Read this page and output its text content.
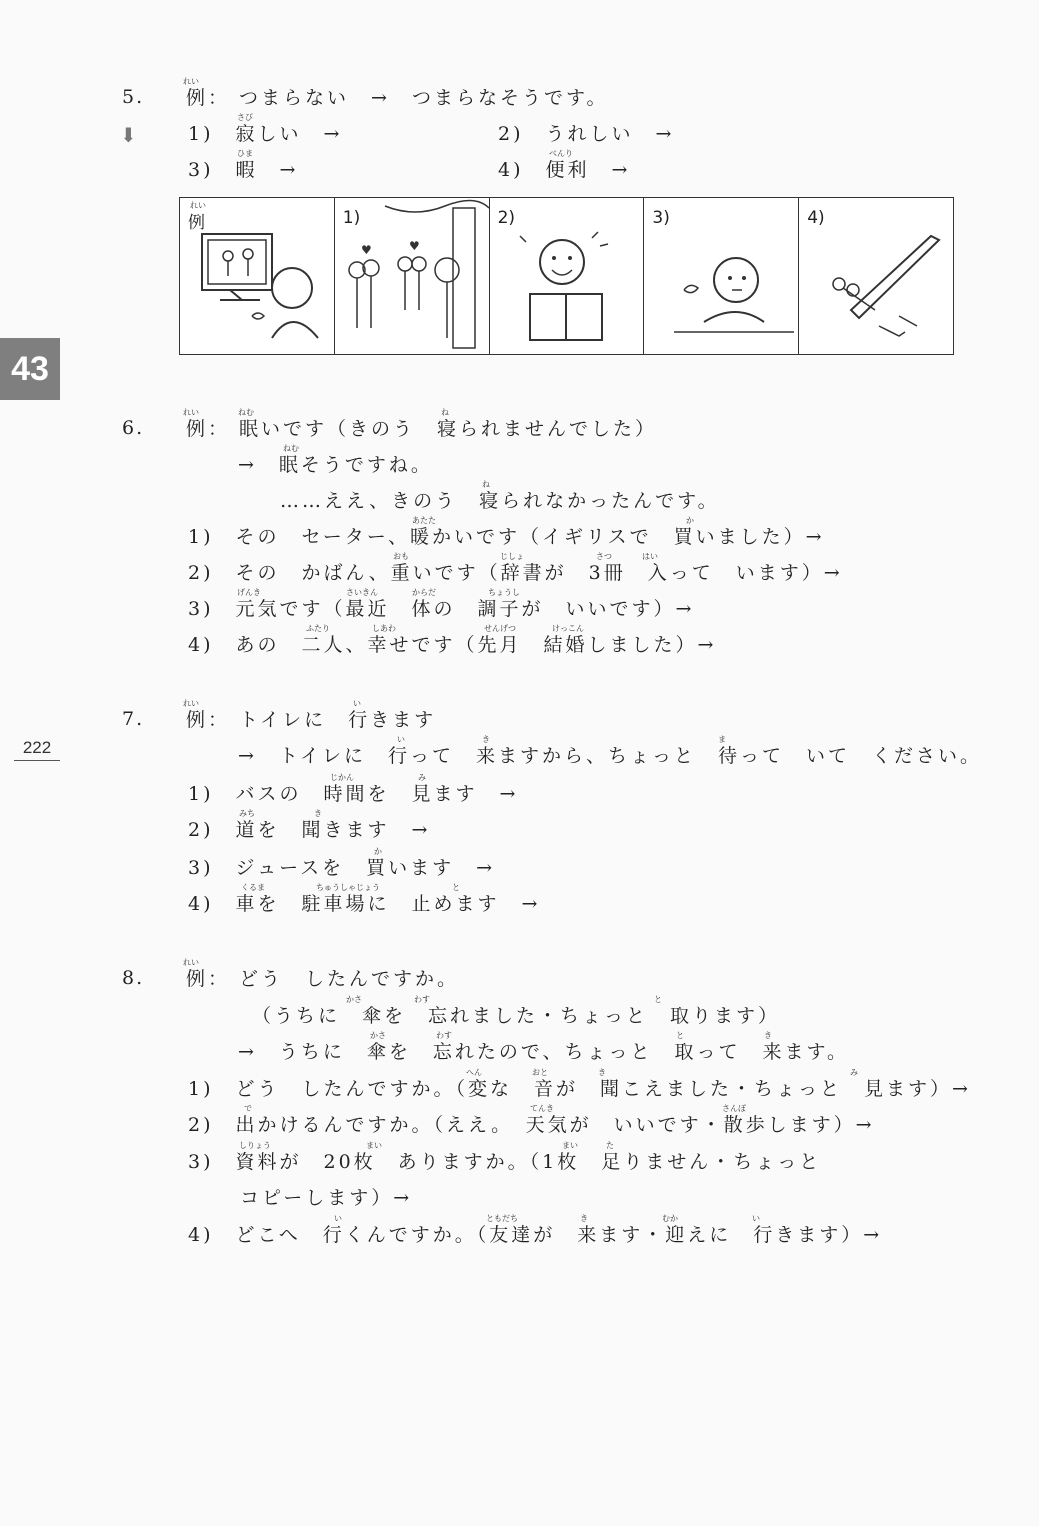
43
222
れい
5. 例： つまらない　→　つまらなそうです。
⬇
さび
1)　寂しい　→	2)　うれしい　→
ひま	べんり
3)　暇　→	4)　便利　→
れい
例	1)
♥	♥
2)	3)	4)
れい	ねむ	ね
6. 例： 眠いです（きのう　寝られませんでした）
ねむ
→　眠そうですね。
ね
……ええ、きのう　寝られなかったんです。
あたた	か
1)　その　セーター、暖かいです（イギリスで　買いました）→
おも	じしょ	さつ	はい
2)　その　かばん、重いです（辞書が　3冊　入って　います）→
げんき	さいきん	からだ	ちょうし
3)　元気です（最近　体の　調子が　いいです）→
ふたり	しあわ	せんげつ	けっこん
4)　あの　二人、幸せです（先月　結婚しました）→
れい	い
7. 例： トイレに　行きます
い	き	ま
→　トイレに　行って　来ますから、ちょっと　待って　いて　ください。
じかん	み
1)　バスの　時間を　見ます　→
みち	き
2)　道を　聞きます　→
か
3)　ジュースを　買います　→
くるま	ちゅうしゃじょう	と
4)　車を　駐車場に　止めます　→
れい
8. 例： どう　したんですか。
かさ	わす	と
（うちに　傘を　忘れました・ちょっと　取ります）
かさ	わす	と	き
→　うちに　傘を　忘れたので、ちょっと　取って　来ます。
へん	おと	き	み
1)　どう　したんですか。（変な　音が　聞こえました・ちょっと　見ます）→
で	てんき	さんぽ
2)　出かけるんですか。（ええ。　天気が　いいです・散歩します）→
しりょう	まい	まい	た
3)　資料が　20枚　ありますか。（1枚　足りません・ちょっと
コピーします）→
い	ともだち	き	むか	い
4)　どこへ　行くんですか。（友達が　来ます・迎えに　行きます）→
